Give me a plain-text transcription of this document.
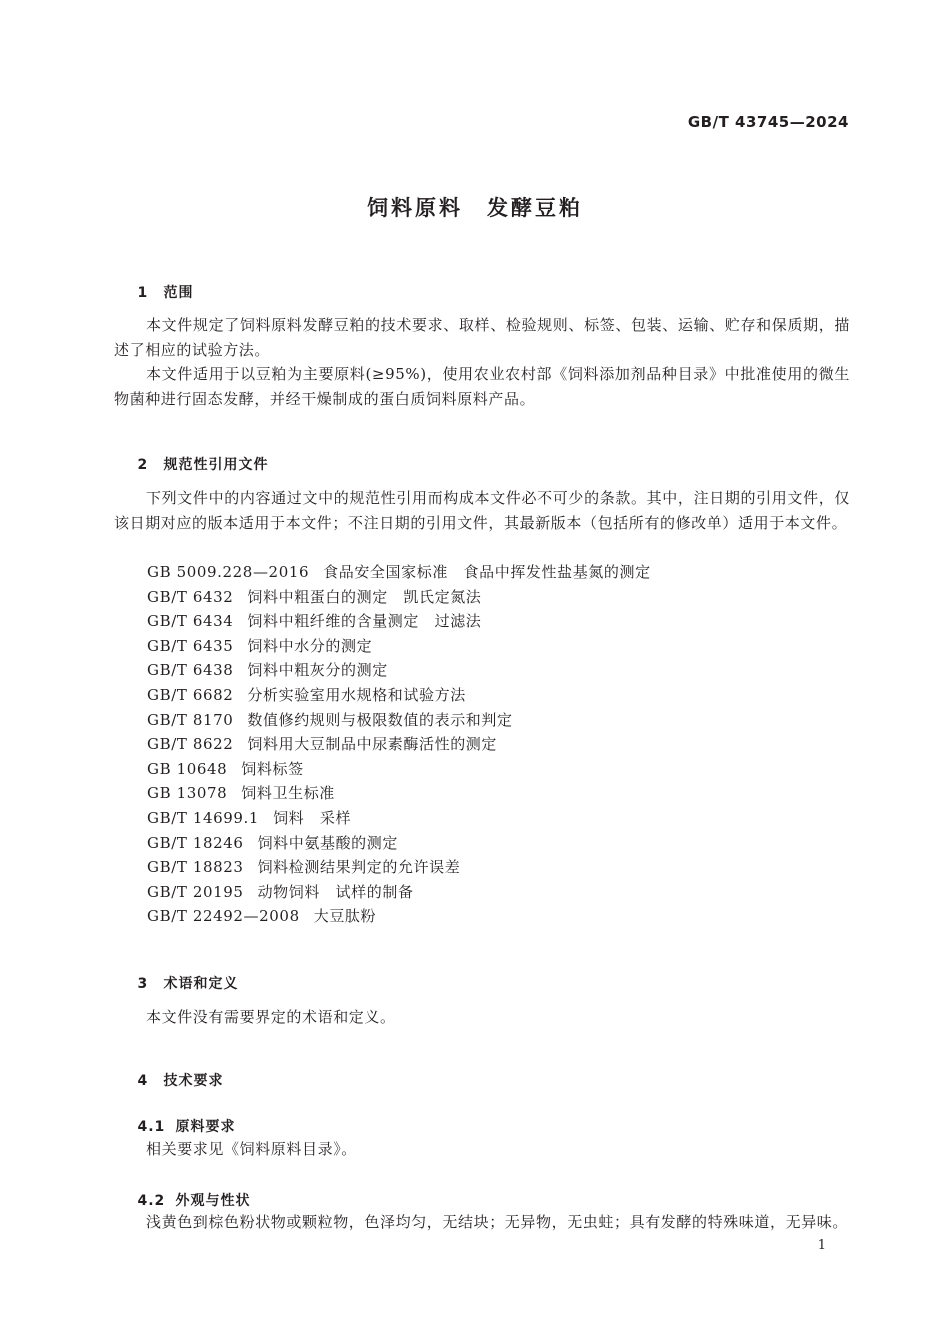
GB/T 43745—2024
饲料原料　发酵豆粕

1 范围

本文件规定了饲料原料发酵豆粕的技术要求、取样、检验规则、标签、包装、运输、贮存和保质期，描述了相应的试验方法。

本文件适用于以豆粕为主要原料(≥95%)，使用农业农村部《饲料添加剂品种目录》中批准使用的微生物菌种进行固态发酵，并经干燥制成的蛋白质饲料原料产品。

2 规范性引用文件

下列文件中的内容通过文中的规范性引用而构成本文件必不可少的条款。其中，注日期的引用文件，仅该日期对应的版本适用于本文件；不注日期的引用文件，其最新版本（包括所有的修改单）适用于本文件。

GB 5009.228—2016 食品安全国家标准　食品中挥发性盐基氮的测定
GB/T 6432 饲料中粗蛋白的测定　凯氏定氮法
GB/T 6434 饲料中粗纤维的含量测定　过滤法
GB/T 6435 饲料中水分的测定
GB/T 6438 饲料中粗灰分的测定
GB/T 6682 分析实验室用水规格和试验方法
GB/T 8170 数值修约规则与极限数值的表示和判定
GB/T 8622 饲料用大豆制品中尿素酶活性的测定
GB 10648 饲料标签
GB 13078 饲料卫生标准
GB/T 14699.1 饲料　采样
GB/T 18246 饲料中氨基酸的测定
GB/T 18823 饲料检测结果判定的允许误差
GB/T 20195 动物饲料　试样的制备
GB/T 22492—2008 大豆肽粉

3 术语和定义

本文件没有需要界定的术语和定义。

4 技术要求

4.1 原料要求

相关要求见《饲料原料目录》。

4.2 外观与性状

浅黄色到棕色粉状物或颗粒物，色泽均匀，无结块；无异物，无虫蛀；具有发酵的特殊味道，无异味。

1
